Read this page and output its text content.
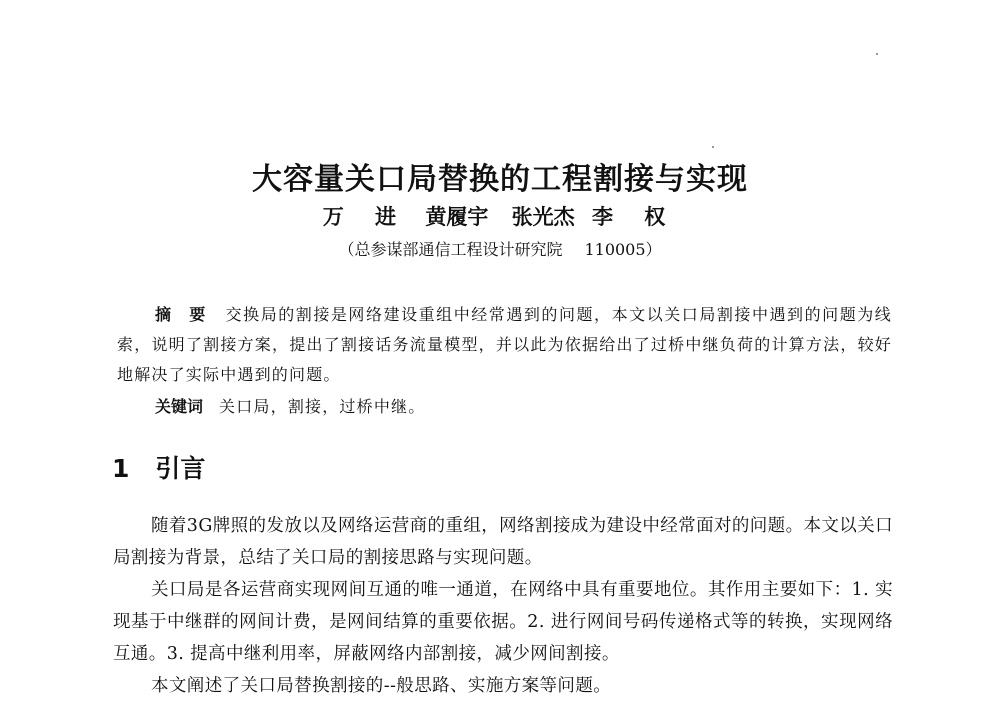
大容量关口局替换的工程割接与实现
万 进 黄履宇 张光杰 李 权
（总参谋部通信工程设计研究院 110005）
摘 要 交换局的割接是网络建设重组中经常遇到的问题，本文以关口局割接中遇到的问题为线索，说明了割接方案，提出了割接话务流量模型，并以此为依据给出了过桥中继负荷的计算方法，较好地解决了实际中遇到的问题。
关键词 关口局，割接，过桥中继。
1 引言

随着3G牌照的发放以及网络运营商的重组，网络割接成为建设中经常面对的问题。本文以关口局割接为背景，总结了关口局的割接思路与实现问题。

关口局是各运营商实现网间互通的唯一通道，在网络中具有重要地位。其作用主要如下：1. 实现基于中继群的网间计费，是网间结算的重要依据。2. 进行网间号码传递格式等的转换，实现网络互通。3. 提高中继利用率，屏蔽网络内部割接，减少网间割接。

本文阐述了关口局替换割接的--般思路、实施方案等问题。
